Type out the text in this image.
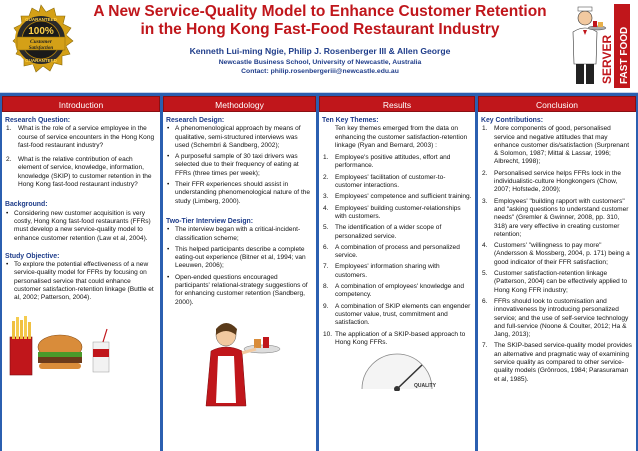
GUARANTEED
100%
Customer
Satisfaction
GUARANTEED
A New Service-Quality Model to Enhance Customer Retention
in the Hong Kong Fast-Food Restaurant Industry
Kenneth Lui-ming Ngie, Philip J. Rosenberger III & Allen George
Newcastle Business School, University of Newcastle, Australia
Contact: philip.rosenbergeriii@newcastle.edu.au	FAST FOOD
SERVER
Introduction
Research Question:
1. What is the role of a service employee in the course of service encounters in the Hong Kong fast-food restaurant industry?
2. What is the relative contribution of each element of service, knowledge, information, knowledge (SKIP) to customer retention in the Hong Kong fast-food restaurant industry?
Background:
• Considering new customer acquisition is very costly, Hong Kong fast-food restaurants (FFRs) must develop a new service-quality model to enhance customer retention (Law et al, 2004).
Study Objective:
• To explore the potential effectiveness of a new service-quality model for FFRs by focusing on personalised service that could enhance customer satisfaction-retention linkage (Buttle et al, 2002; Patterson, 2004).
Methodology
Research Design:
• A phenomenological approach by means of qualitative, semi-structured interviews was used (Schembri & Sandberg, 2002);
• A purposeful sample of 30 taxi drivers was selected due to their frequency of eating at FFRs (three times per week);
• Their FFR experiences should assist in understanding phenomenological nature of the study (Limberg, 2000).
Two-Tier Interview Design:
• The interview began with a critical-incident-classification scheme;
• This helped participants describe a complete eating-out experience (Bitner et al, 1994; van Leeuwen, 2006);
• Open-ended questions encouraged participants' relational-strategy suggestions of for enhancing customer retention (Sandberg, 2000).
Results
Ten Key Themes:
Ten key themes emerged from the data on enhancing the customer satisfaction-retention linkage (Ryan and Bernard, 2003) :
1. Employee's positive attitudes, effort and performance.
2. Employees' facilitation of customer-to-customer interactions.
3. Employees' competence and sufficient training.
4. Employees' building customer-relationships with customers.
5. The identification of a wider scope of personalized service.
6. A combination of process and personalized service.
7. Employees' information sharing with customers.
8. A combination of employees' knowledge and competency.
9. A combination of SKIP elements can engender customer value, trust, commitment and satisfaction.
10. The application of a SKIP-based approach to Hong Kong FFRs.
QUALITY
Conclusion
Key Contributions:
1. More components of good, personalised service and negative attitudes that may enhance customer dis/satisfaction (Surprenant & Solomon, 1987; Mittal & Lassar, 1996; Albrecht, 1998);
2. Personalised service helps FFRs lock in the individualistic-culture Hongkongers (Chow, 2007; Hofstede, 2009);
3. Employees' "building rapport with customers" and "asking questions to understand customer needs" (Gremler & Gwinner, 2008, pp. 310, 318) are very effective in creating customer retention;
4. Customers' "willingness to pay more" (Andersson & Mossberg, 2004, p. 171) being a good indicator of their FFR satisfaction;
5. Customer satisfaction-retention linkage (Patterson, 2004) can be effectively applied to Hong Kong FFR industry;
6. FFRs should look to customisation and innovativeness by introducing personalized service; and the use of self-service technology and full-service (Noone & Coulter, 2012; Ha & Jang, 2013);
7. The SKIP-based service-quality model provides an alternative and pragmatic way of examining service quality as compared to other service-quality models (Grönroos, 1984; Parasuraman et al, 1985).
